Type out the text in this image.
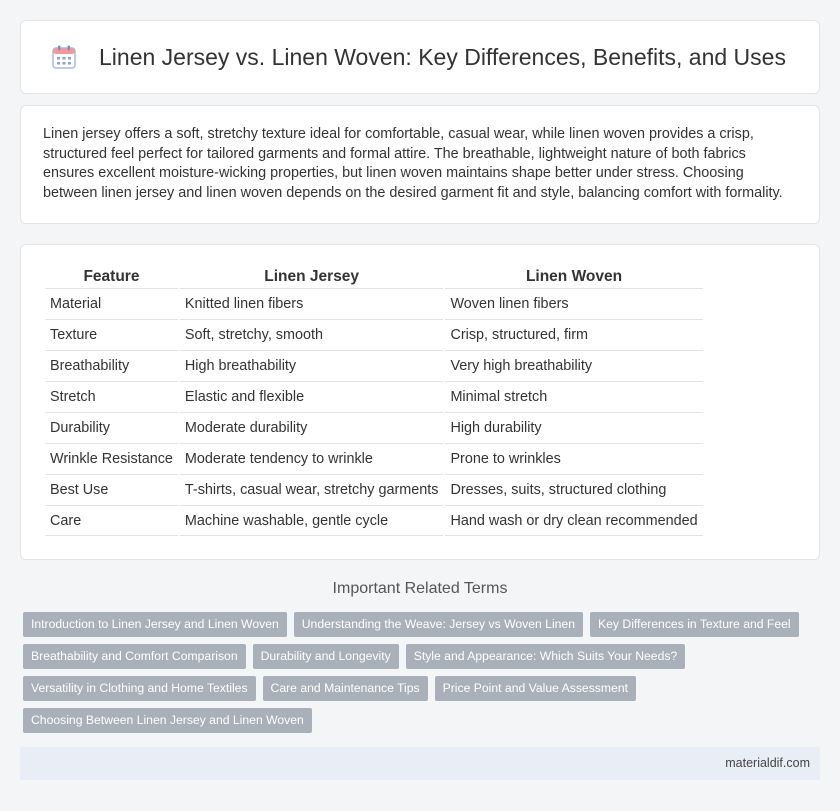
Linen Jersey vs. Linen Woven: Key Differences, Benefits, and Uses

Linen jersey offers a soft, stretchy texture ideal for comfortable, casual wear, while linen woven provides a crisp, structured feel perfect for tailored garments and formal attire. The breathable, lightweight nature of both fabrics ensures excellent moisture-wicking properties, but linen woven maintains shape better under stress. Choosing between linen jersey and linen woven depends on the desired garment fit and style, balancing comfort with formality.

Feature	Linen Jersey	Linen Woven
Material	Knitted linen fibers	Woven linen fibers
Texture	Soft, stretchy, smooth	Crisp, structured, firm
Breathability	High breathability	Very high breathability
Stretch	Elastic and flexible	Minimal stretch
Durability	Moderate durability	High durability
Wrinkle Resistance	Moderate tendency to wrinkle	Prone to wrinkles
Best Use	T-shirts, casual wear, stretchy garments	Dresses, suits, structured clothing
Care	Machine washable, gentle cycle	Hand wash or dry clean recommended
Important Related Terms
Introduction to Linen Jersey and Linen Woven	Understanding the Weave: Jersey vs Woven Linen	Key Differences in Texture and Feel
Breathability and Comfort Comparison	Durability and Longevity	Style and Appearance: Which Suits Your Needs?
Versatility in Clothing and Home Textiles	Care and Maintenance Tips	Price Point and Value Assessment
Choosing Between Linen Jersey and Linen Woven
materialdif.com
